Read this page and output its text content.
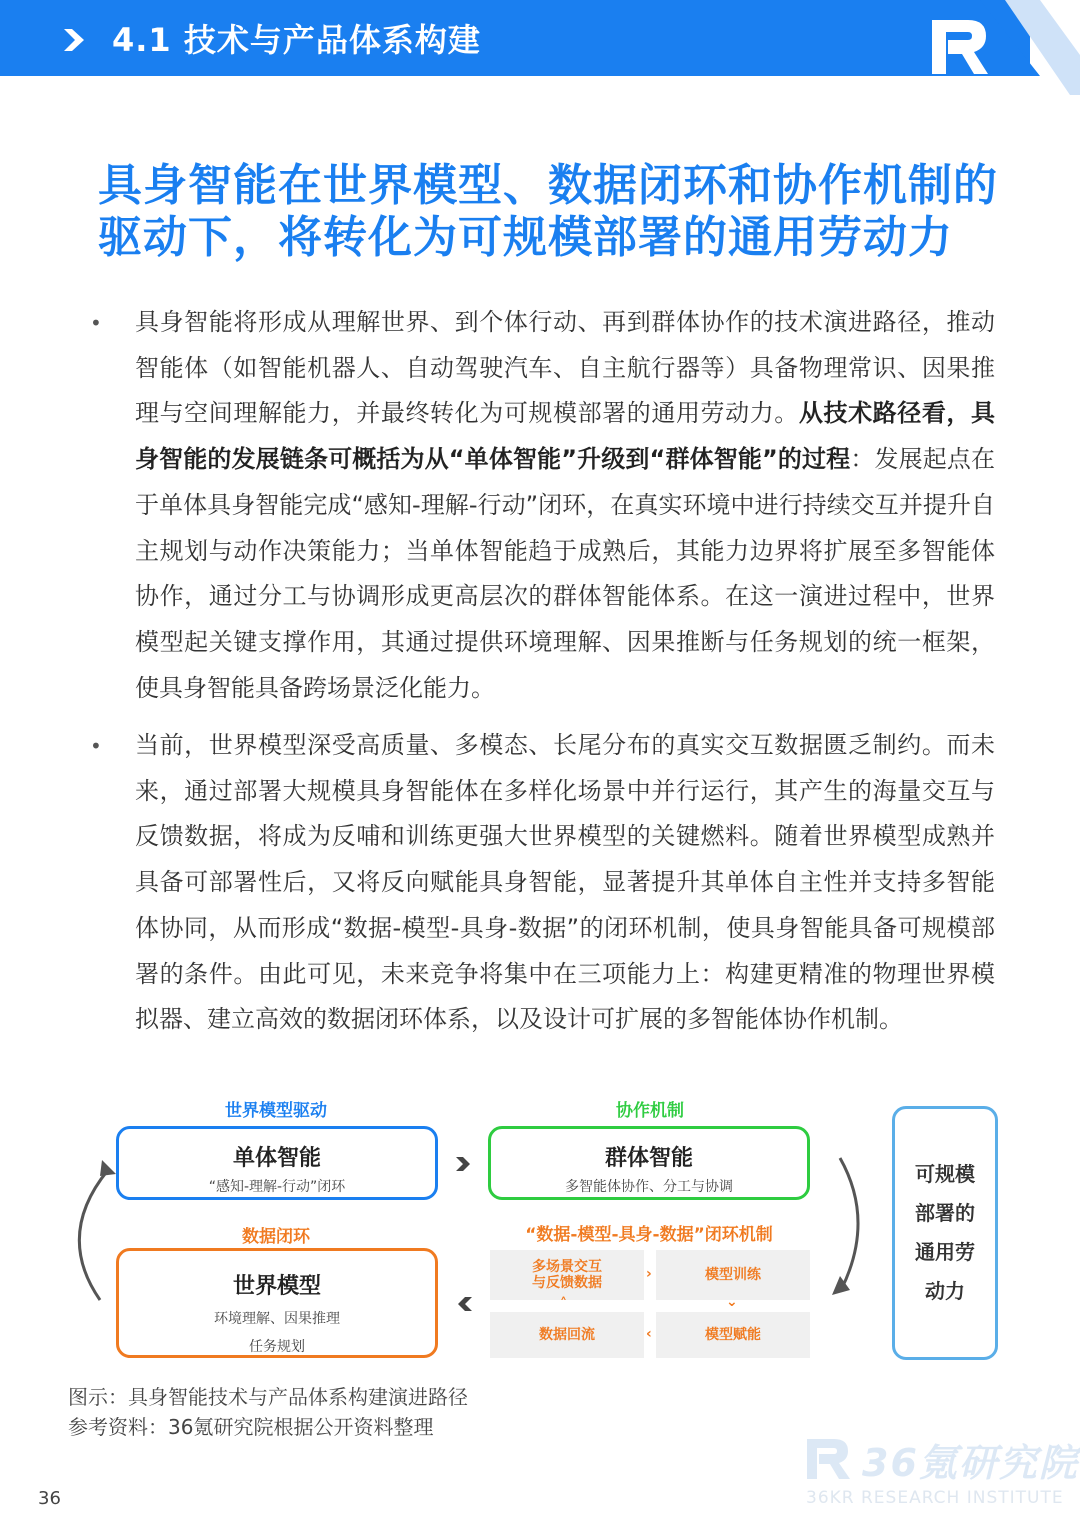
4.1 技术与产品体系构建
具身智能在世界模型、数据闭环和协作机制的
驱动下，将转化为可规模部署的通用劳动力
•	具身智能将形成从理解世界、到个体行动、再到群体协作的技术演进路径，推动智能体（如智能机器人、自动驾驶汽车、自主航行器等）具备物理常识、因果推理与空间理解能力，并最终转化为可规模部署的通用劳动力。从技术路径看，具身智能的发展链条可概括为从“单体智能”升级到“群体智能”的过程：发展起点在于单体具身智能完成“感知-理解-行动”闭环，在真实环境中进行持续交互并提升自主规划与动作决策能力；当单体智能趋于成熟后，其能力边界将扩展至多智能体协作，通过分工与协调形成更高层次的群体智能体系。在这一演进过程中，世界模型起关键支撑作用，其通过提供环境理解、因果推断与任务规划的统一框架，使具身智能具备跨场景泛化能力。
•	当前，世界模型深受高质量、多模态、长尾分布的真实交互数据匮乏制约。而未来，通过部署大规模具身智能体在多样化场景中并行运行，其产生的海量交互与反馈数据，将成为反哺和训练更强大世界模型的关键燃料。随着世界模型成熟并具备可部署性后，又将反向赋能具身智能，显著提升其单体自主性并支持多智能体协同，从而形成“数据-模型-具身-数据”的闭环机制，使具身智能具备可规模部署的条件。由此可见，未来竞争将集中在三项能力上：构建更精准的物理世界模拟器、建立高效的数据闭环体系，以及设计可扩展的多智能体协作机制。
世界模型驱动	协作机制
数据闭环	“数据-模型-具身-数据”闭环机制
单体智能
“感知-理解-行动”闭环
群体智能
多智能体协作、分工与协调
世界模型
环境理解、因果推理
任务规划
多场景交互
与反馈数据	模型训练
数据回流	模型赋能
›
⌄
‹
˄
可规模部署的通用劳动力
图示：具身智能技术与产品体系构建演进路径
参考资料：36氪研究院根据公开资料整理
36氪研究院
36KR RESEARCH INSTITUTE
36
